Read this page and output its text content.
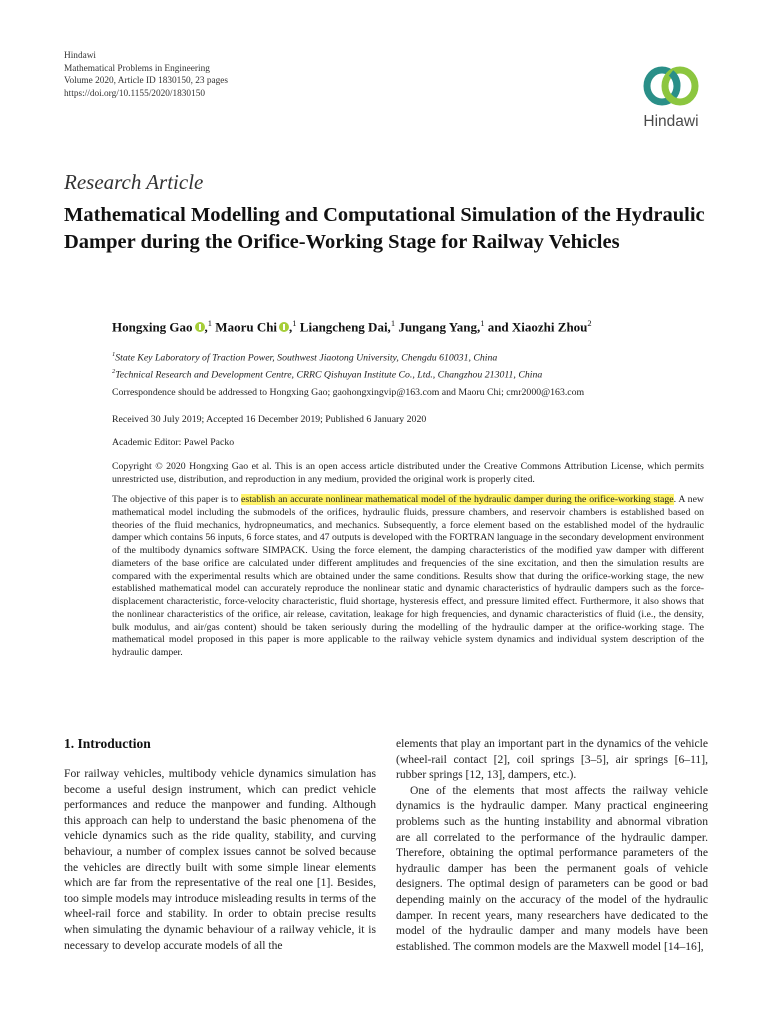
Hindawi
Mathematical Problems in Engineering
Volume 2020, Article ID 1830150, 23 pages
https://doi.org/10.1155/2020/1830150
Hindawi
Research Article
Mathematical Modelling and Computational Simulation of the Hydraulic Damper during the Orifice-Working Stage for Railway Vehicles
Hongxing Gao ,$^1$ Maoru Chi ,$^1$ Liangcheng Dai,$^1$ Jungang Yang,$^1$ and Xiaozhi Zhou$^2$
$^1$State Key Laboratory of Traction Power, Southwest Jiaotong University, Chengdu 610031, China
$^2$Technical Research and Development Centre, CRRC Qishuyan Institute Co., Ltd., Changzhou 213011, China
Correspondence should be addressed to Hongxing Gao; gaohongxingvip@163.com and Maoru Chi; cmr2000@163.com
Received 30 July 2019; Accepted 16 December 2019; Published 6 January 2020
Academic Editor: Pawel Packo
Copyright © 2020 Hongxing Gao et al. This is an open access article distributed under the Creative Commons Attribution License, which permits unrestricted use, distribution, and reproduction in any medium, provided the original work is properly cited.
The objective of this paper is to establish an accurate nonlinear mathematical model of the hydraulic damper during the orifice-working stage. A new mathematical model including the submodels of the orifices, hydraulic fluids, pressure chambers, and reservoir chambers is established based on theories of the fluid mechanics, hydropneumatics, and mechanics. Subsequently, a force element based on the established model of the hydraulic damper which contains 56 inputs, 6 force states, and 47 outputs is developed with the FORTRAN language in the secondary development environment of the multibody dynamics software SIMPACK. Using the force element, the damping characteristics of the modified yaw damper with different diameters of the base orifice are calculated under different amplitudes and frequencies of the sine excitation, and then the simulation results are compared with the experimental results which are obtained under the same conditions. Results show that during the orifice-working stage, the new established mathematical model can accurately reproduce the nonlinear static and dynamic characteristics of hydraulic dampers such as the force-displacement characteristic, force-velocity characteristic, fluid shortage, hysteresis effect, and pressure limited effect. Furthermore, it also shows that the nonlinear characteristics of the orifice, air release, cavitation, leakage for high frequencies, and dynamic characteristics of fluid (i.e., the density, bulk modulus, and air/gas content) should be taken seriously during the modelling of the hydraulic damper at the orifice-working stage. The mathematical model proposed in this paper is more applicable to the railway vehicle system dynamics and individual system description of the hydraulic damper.
1. Introduction

For railway vehicles, multibody vehicle dynamics simulation has become a useful design instrument, which can predict vehicle performances and reduce the manpower and funding. Although this approach can help to understand the basic phenomena of the vehicle dynamics such as the ride quality, stability, and curving behaviour, a number of complex issues cannot be solved because the vehicles are directly built with some simple linear elements which are far from the representative of the real one [1]. Besides, too simple models may introduce misleading results in terms of the wheel-rail force and stability. In order to obtain precise results when simulating the dynamic behaviour of a railway vehicle, it is necessary to develop accurate models of all the

elements that play an important part in the dynamics of the vehicle (wheel-rail contact [2], coil springs [3–5], air springs [6–11], rubber springs [12, 13], dampers, etc.).

One of the elements that most affects the railway vehicle dynamics is the hydraulic damper. Many practical engineering problems such as the hunting instability and abnormal vibration are all correlated to the performance of the hydraulic damper. Therefore, obtaining the optimal performance parameters of the hydraulic damper has been the permanent goals of vehicle designers. The optimal design of parameters can be good or bad depending mainly on the accuracy of the model of the hydraulic damper. In recent years, many researchers have dedicated to the model of the hydraulic damper and many models have been established. The common models are the Maxwell model [14–16],
